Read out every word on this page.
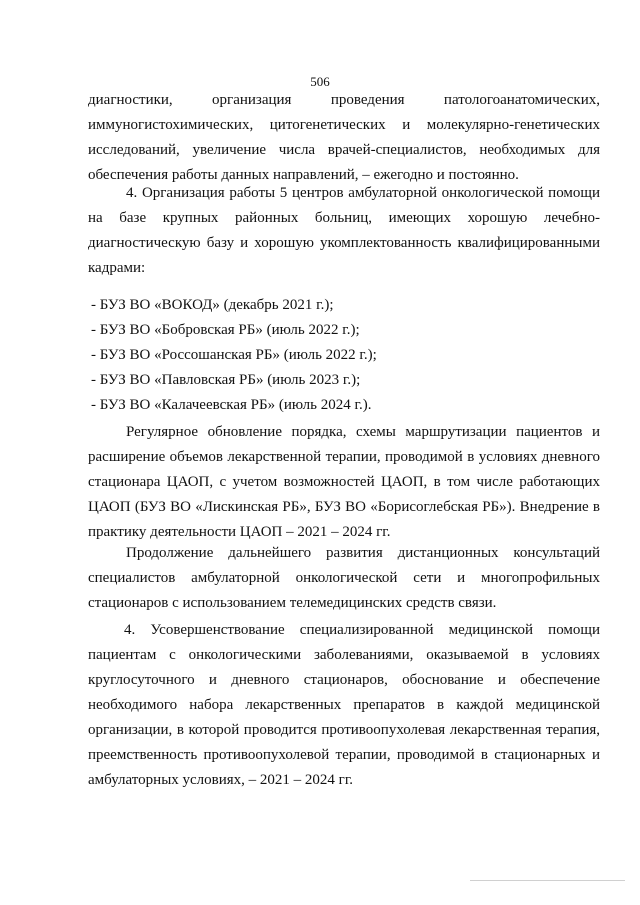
506

диагностики, организация проведения патологоанатомических, иммуногистохимических, цитогенетических и молекулярно-генетических исследований, увеличение числа врачей-специалистов, необходимых для обеспечения работы данных направлений, – ежегодно и постоянно.

4. Организация работы 5 центров амбулаторной онкологической помощи на базе крупных районных больниц, имеющих хорошую лечебно-диагностическую базу и хорошую укомплектованность квалифицированными кадрами:

- БУЗ ВО «ВОКОД» (декабрь 2021 г.);
- БУЗ ВО «Бобровская РБ» (июль 2022 г.);
- БУЗ ВО «Россошанская РБ» (июль 2022 г.);
- БУЗ ВО «Павловская РБ» (июль 2023 г.);
- БУЗ ВО «Калачеевская РБ» (июль 2024 г.).

Регулярное обновление порядка, схемы маршрутизации пациентов и расширение объемов лекарственной терапии, проводимой в условиях дневного стационара ЦАОП, с учетом возможностей ЦАОП, в том числе работающих ЦАОП (БУЗ ВО «Лискинская РБ», БУЗ ВО «Борисоглебская РБ»). Внедрение в практику деятельности ЦАОП – 2021 – 2024 гг.

Продолжение дальнейшего развития дистанционных консультаций специалистов амбулаторной онкологической сети и многопрофильных стационаров с использованием телемедицинских средств связи.

4. Усовершенствование специализированной медицинской помощи пациентам с онкологическими заболеваниями, оказываемой в условиях круглосуточного и дневного стационаров, обоснование и обеспечение необходимого набора лекарственных препаратов в каждой медицинской организации, в которой проводится противоопухолевая лекарственная терапия, преемственность противоопухолевой терапии, проводимой в стационарных и амбулаторных условиях, – 2021 – 2024 гг.
